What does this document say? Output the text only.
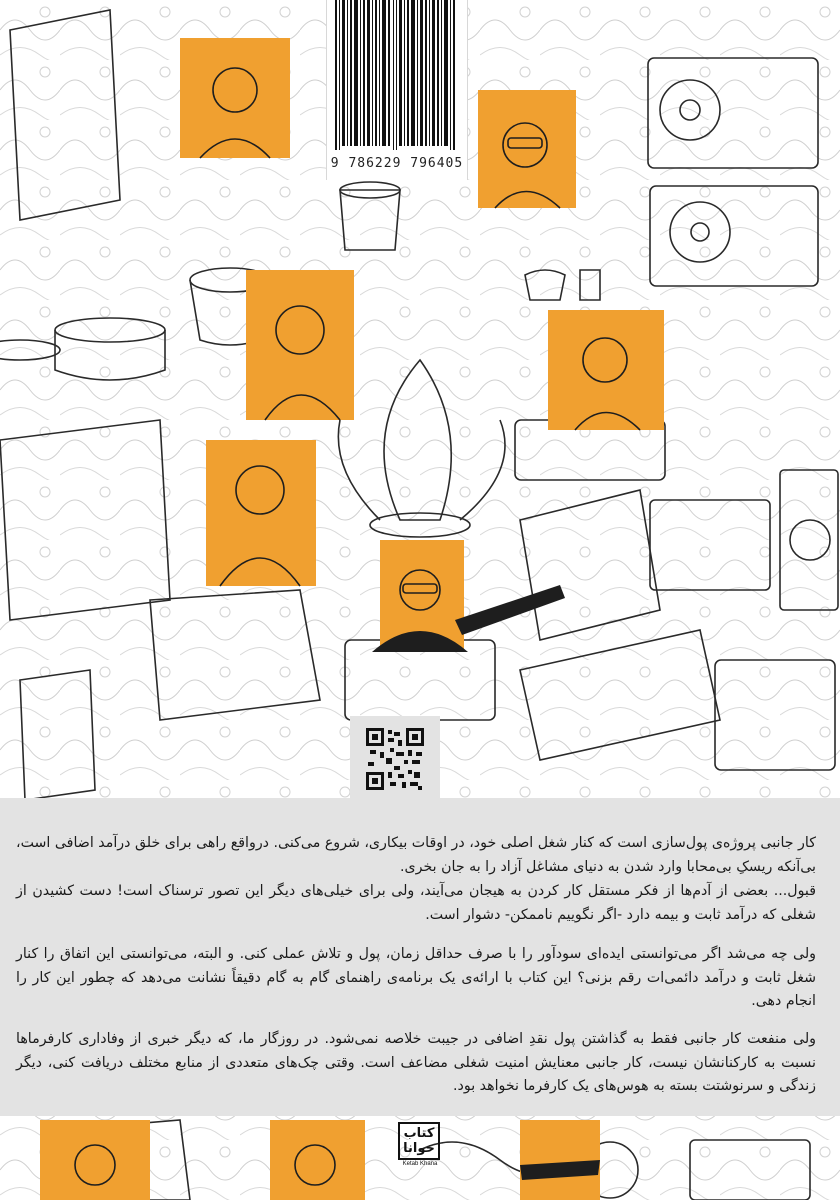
9 786229 796405

کار جانبی پروژه‌ی پول‌سازی است که کنار شغل اصلی خود، در اوقات بیکاری، شروع می‌کنی. درواقع راهی برای خلق درآمد اضافی است، بی‌آنکه ریسکِ بی‌محابا وارد شدن به دنیای مشاغل آزاد را به جان بخری.

قبول... بعضی از آدم‌ها از فکر مستقل کار کردن به هیجان می‌آیند، ولی برای خیلی‌های دیگر این تصور ترسناک است! دست کشیدن از شغلی که درآمد ثابت و بیمه دارد -اگر نگوییم ناممکن- دشوار است.

ولی چه می‌شد اگر می‌توانستی ایده‌ای سودآور را با صرف حداقل زمان، پول و تلاش عملی کنی. و البته، می‌توانستی این اتفاق را کنار شغل ثابت و درآمد دائمی‌ات رقم بزنی؟ این کتاب با ارائه‌ی یک برنامه‌ی راهنمای گام به گام دقیقاً نشانت می‌دهد که چطور این کار را انجام دهی.

ولی منفعت کار جانبی فقط به گذاشتن پول نقدِ اضافی در جیبت خلاصه نمی‌شود. در روزگار ما، که دیگر خبری از وفاداری کارفرماها نسبت به کارکنانشان نیست، کار جانبی معنایش امنیت شغلی مضاعف است. وقتی چک‌های متعددی از منابع مختلف دریافت کنی، دیگر زندگی و سرنوشتت بسته به هوس‌های یک کارفرما نخواهد بود.

کتاب
خوانا
Ketab Khana
